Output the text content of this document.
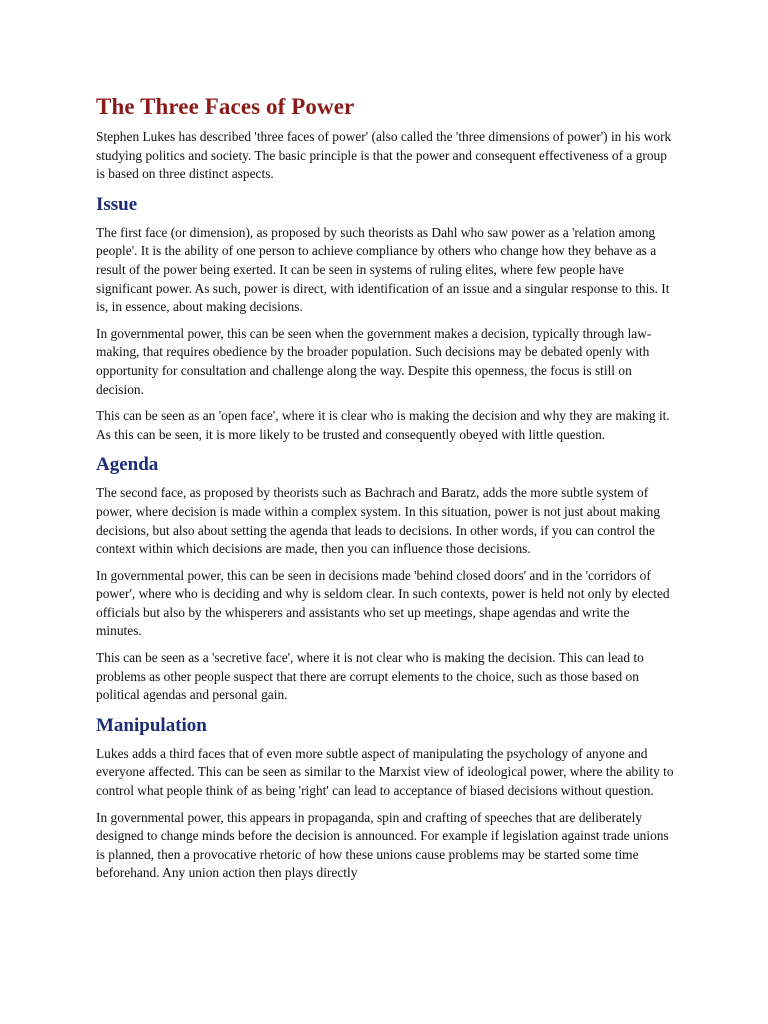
The Three Faces of Power

Stephen Lukes has described 'three faces of power' (also called the 'three dimensions of power') in his work studying politics and society. The basic principle is that the power and consequent effectiveness of a group is based on three distinct aspects.

Issue

The first face (or dimension), as proposed by such theorists as Dahl who saw power as a 'relation among people'. It is the ability of one person to achieve compliance by others who change how they behave as a result of the power being exerted. It can be seen in systems of ruling elites, where few people have significant power. As such, power is direct, with identification of an issue and a singular response to this. It is, in essence, about making decisions.

In governmental power, this can be seen when the government makes a decision, typically through law-making, that requires obedience by the broader population. Such decisions may be debated openly with opportunity for consultation and challenge along the way. Despite this openness, the focus is still on decision.

This can be seen as an 'open face', where it is clear who is making the decision and why they are making it. As this can be seen, it is more likely to be trusted and consequently obeyed with little question.

Agenda

The second face, as proposed by theorists such as Bachrach and Baratz, adds the more subtle system of power, where decision is made within a complex system. In this situation, power is not just about making decisions, but also about setting the agenda that leads to decisions. In other words, if you can control the context within which decisions are made, then you can influence those decisions.

In governmental power, this can be seen in decisions made 'behind closed doors' and in the 'corridors of power', where who is deciding and why is seldom clear. In such contexts, power is held not only by elected officials but also by the whisperers and assistants who set up meetings, shape agendas and write the minutes.

This can be seen as a 'secretive face', where it is not clear who is making the decision. This can lead to problems as other people suspect that there are corrupt elements to the choice, such as those based on political agendas and personal gain.

Manipulation

Lukes adds a third faces that of even more subtle aspect of manipulating the psychology of anyone and everyone affected. This can be seen as similar to the Marxist view of ideological power, where the ability to control what people think of as being 'right' can lead to acceptance of biased decisions without question.

In governmental power, this appears in propaganda, spin and crafting of speeches that are deliberately designed to change minds before the decision is announced. For example if legislation against trade unions is planned, then a provocative rhetoric of how these unions cause problems may be started some time beforehand. Any union action then plays directly
